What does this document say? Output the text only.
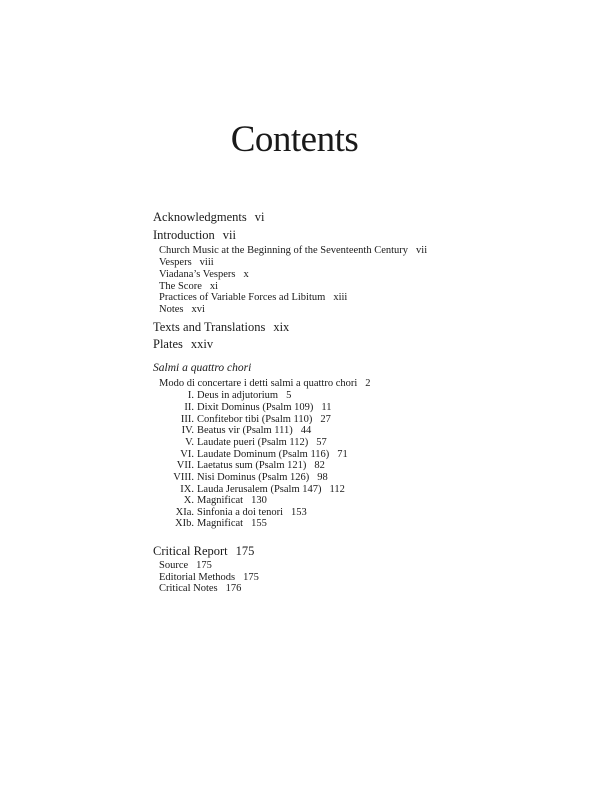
Contents
Acknowledgments vi
Introduction vii
Church Music at the Beginning of the Seventeenth Century vii
Vespers viii
Viadana’s Vespers x
The Score xi
Practices of Variable Forces ad Libitum xiii
Notes xvi
Texts and Translations xix
Plates xxiv
Salmi a quattro chori
Modo di concertare i detti salmi a quattro chori 2
I. Deus in adjutorium 5
II. Dixit Dominus (Psalm 109) 11
III. Confitebor tibi (Psalm 110) 27
IV. Beatus vir (Psalm 111) 44
V. Laudate pueri (Psalm 112) 57
VI. Laudate Dominum (Psalm 116) 71
VII. Laetatus sum (Psalm 121) 82
VIII. Nisi Dominus (Psalm 126) 98
IX. Lauda Jerusalem (Psalm 147) 112
X. Magnificat 130
XIa. Sinfonia a doi tenori 153
XIb. Magnificat 155
Critical Report 175
Source 175
Editorial Methods 175
Critical Notes 176
